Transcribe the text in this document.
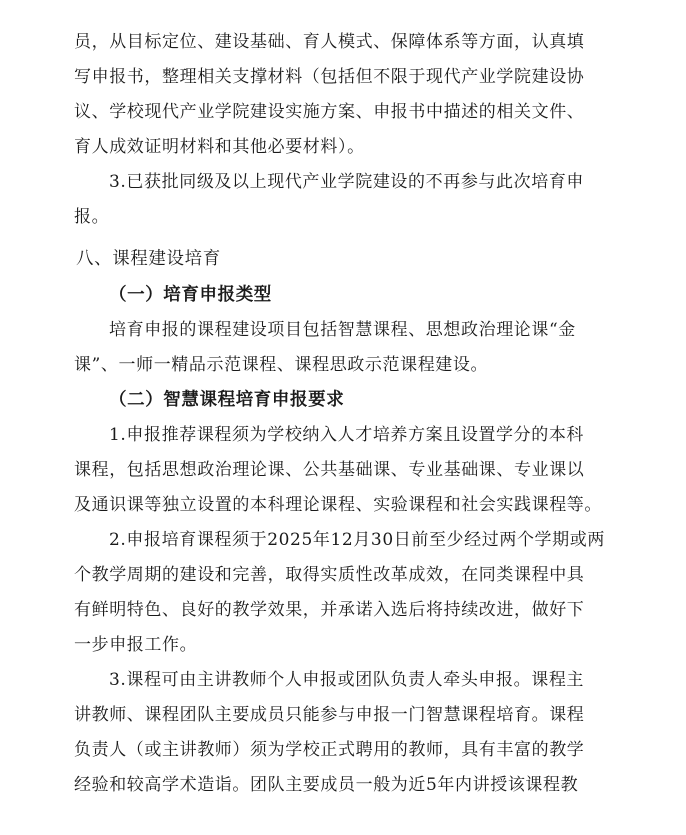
员，从目标定位、建设基础、育人模式、保障体系等方面，认真填
写申报书，整理相关支撑材料（包括但不限于现代产业学院建设协
议、学校现代产业学院建设实施方案、申报书中描述的相关文件、
育人成效证明材料和其他必要材料）。
3.已获批同级及以上现代产业学院建设的不再参与此次培育申
报。
八、课程建设培育
（一）培育申报类型
培育申报的课程建设项目包括智慧课程、思想政治理论课“金
课”、一师一精品示范课程、课程思政示范课程建设。
（二）智慧课程培育申报要求
1.申报推荐课程须为学校纳入人才培养方案且设置学分的本科
课程，包括思想政治理论课、公共基础课、专业基础课、专业课以
及通识课等独立设置的本科理论课程、实验课程和社会实践课程等。
2.申报培育课程须于2025年12月30日前至少经过两个学期或两
个教学周期的建设和完善，取得实质性改革成效，在同类课程中具
有鲜明特色、良好的教学效果，并承诺入选后将持续改进，做好下
一步申报工作。
3.课程可由主讲教师个人申报或团队负责人牵头申报。课程主
讲教师、课程团队主要成员只能参与申报一门智慧课程培育。课程
负责人（或主讲教师）须为学校正式聘用的教师，具有丰富的教学
经验和较高学术造诣。团队主要成员一般为近5年内讲授该课程教
